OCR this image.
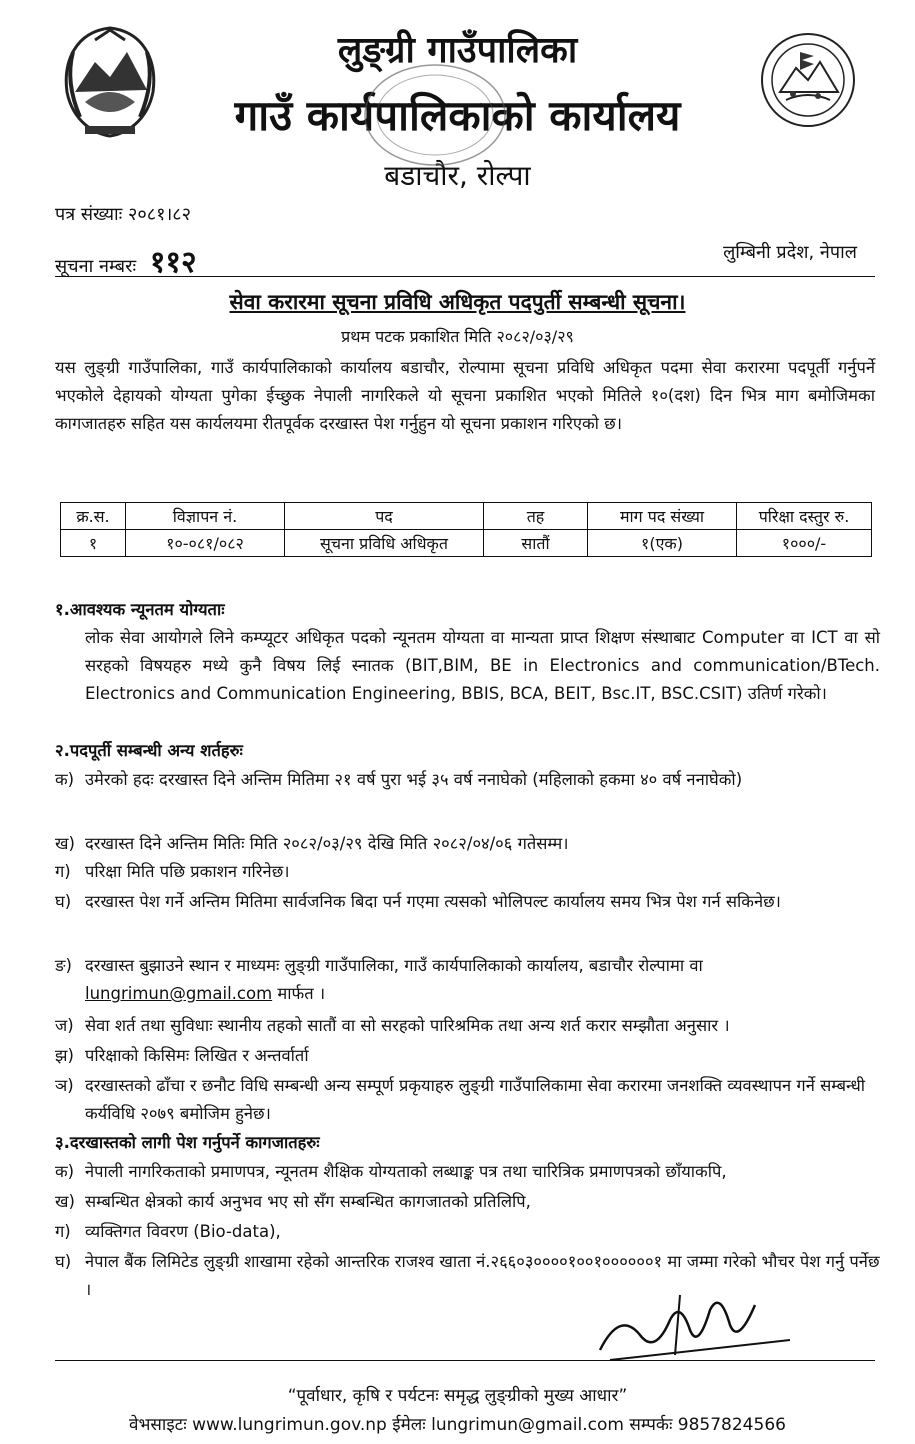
लुङ्ग्री गाउँपालिका
गाउँ कार्यपालिकाको कार्यालय
बडाचौर, रोल्पा
पत्र संख्याः २०८१।८२
सूचना नम्बरः ११२	लुम्बिनी प्रदेश, नेपाल
सेवा करारमा सूचना प्रविधि अधिकृत पदपुर्ती सम्बन्धी सूचना।
प्रथम पटक प्रकाशित मिति २०८२/०३/२९
यस लुङ्ग्री गाउँपालिका, गाउँ कार्यपालिकाको कार्यालय बडाचौर, रोल्पामा सूचना प्रविधि अधिकृत पदमा सेवा करारमा पदपूर्ती गर्नुपर्ने भएकोले देहायको योग्यता पुगेका ईच्छुक नेपाली नागरिकले यो सूचना प्रकाशित भएको मितिले १०(दश) दिन भित्र माग बमोजिमका कागजातहरु सहित यस कार्यलयमा रीतपूर्वक दरखास्त पेश गर्नुहुन यो सूचना प्रकाशन गरिएको छ।
क्र.स.	विज्ञापन नं.	पद	तह	माग पद संख्या	परिक्षा दस्तुर रु.
१	१०-०८१/०८२	सूचना प्रविधि अधिकृत	सातौं	१(एक)	१०००/-
१.आवश्यक न्यूनतम योग्यताः
लोक सेवा आयोगले लिने कम्प्यूटर अधिकृत पदको न्यूनतम योग्यता वा मान्यता प्राप्त शिक्षण संस्थाबाट Computer वा ICT वा सो सरहको विषयहरु मध्ये कुनै विषय लिई स्नातक (BIT,BIM, BE in Electronics and communication/BTech. Electronics and Communication Engineering, BBIS, BCA, BEIT, Bsc.IT, BSC.CSIT) उतिर्ण गरेको।
२.पदपूर्ती सम्बन्धी अन्य शर्तहरुः
क) उमेरको हदः दरखास्त दिने अन्तिम मितिमा २१ वर्ष पुरा भई ३५ वर्ष ननाघेको (महिलाको हकमा ४० वर्ष ननाघेको)
ख) दरखास्त दिने अन्तिम मितिः मिति २०८२/०३/२९ देखि मिति २०८२/०४/०६ गतेसम्म।
ग) परिक्षा मिति पछि प्रकाशन गरिनेछ।
घ) दरखास्त पेश गर्ने अन्तिम मितिमा सार्वजनिक बिदा पर्न गएमा त्यसको भोलिपल्ट कार्यालय समय भित्र पेश गर्न सकिनेछ।
ङ) दरखास्त बुझाउने स्थान र माध्यमः लुङ्ग्री गाउँपालिका, गाउँ कार्यपालिकाको कार्यालय, बडाचौर रोल्पामा वा
lungrimun@gmail.com मार्फत ।
ज) सेवा शर्त तथा सुविधाः स्थानीय तहको सातौं वा सो सरहको पारिश्रमिक तथा अन्य शर्त करार सम्झौता अनुसार ।
झ) परिक्षाको किसिमः लिखित र अन्तर्वार्ता
ञ) दरखास्तको ढाँचा र छनौट विधि सम्बन्धी अन्य सम्पूर्ण प्रकृयाहरु लुङ्ग्री गाउँपालिकामा सेवा करारमा जनशक्ति व्यवस्थापन गर्ने सम्बन्धी कर्यविधि २०७९ बमोजिम हुनेछ।
३.दरखास्तको लागी पेश गर्नुपर्ने कागजातहरुः
क) नेपाली नागरिकताको प्रमाणपत्र, न्यूनतम शैक्षिक योग्यताको लब्धाङ्क पत्र तथा चारित्रिक प्रमाणपत्रको छाँयाकपि,
ख) सम्बन्धित क्षेत्रको कार्य अनुभव भए सो सँग सम्बन्धित कागजातको प्रतिलिपि,
ग) व्यक्तिगत विवरण (Bio-data),
घ) नेपाल बैंक लिमिटेड लुङ्ग्री शाखामा रहेको आन्तरिक राजश्व खाता नं.२६६०३००००१००१००००००१ मा जम्मा गरेको भौचर पेश गर्नु पर्नेछ ।
“पूर्वाधार, कृषि र पर्यटनः समृद्ध लुङ्ग्रीको मुख्य आधार”
वेभसाइटः www.lungrimun.gov.np ईमेलः lungrimun@gmail.com सम्पर्कः 9857824566
